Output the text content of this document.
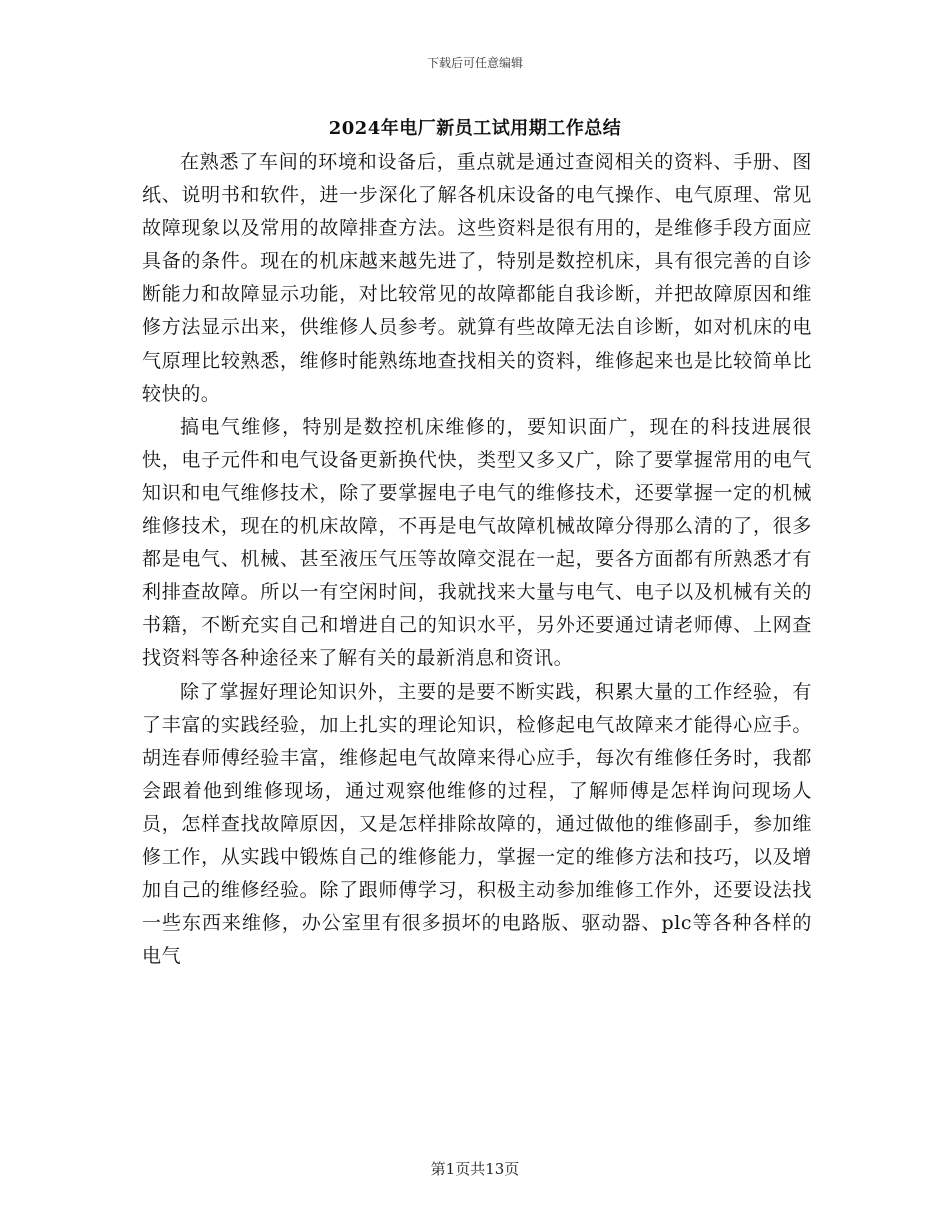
下载后可任意编辑
2024年电厂新员工试用期工作总结

在熟悉了车间的环境和设备后，重点就是通过查阅相关的资料、手册、图纸、说明书和软件，进一步深化了解各机床设备的电气操作、电气原理、常见故障现象以及常用的故障排查方法。这些资料是很有用的，是维修手段方面应具备的条件。现在的机床越来越先进了，特别是数控机床，具有很完善的自诊断能力和故障显示功能，对比较常见的故障都能自我诊断，并把故障原因和维修方法显示出来，供维修人员参考。就算有些故障无法自诊断，如对机床的电气原理比较熟悉，维修时能熟练地查找相关的资料，维修起来也是比较简单比较快的。

搞电气维修，特别是数控机床维修的，要知识面广，现在的科技进展很快，电子元件和电气设备更新换代快，类型又多又广，除了要掌握常用的电气知识和电气维修技术，除了要掌握电子电气的维修技术，还要掌握一定的机械维修技术，现在的机床故障，不再是电气故障机械故障分得那么清的了，很多都是电气、机械、甚至液压气压等故障交混在一起，要各方面都有所熟悉才有利排查故障。所以一有空闲时间，我就找来大量与电气、电子以及机械有关的书籍，不断充实自己和增进自己的知识水平，另外还要通过请老师傅、上网查找资料等各种途径来了解有关的最新消息和资讯。

除了掌握好理论知识外，主要的是要不断实践，积累大量的工作经验，有了丰富的实践经验，加上扎实的理论知识，检修起电气故障来才能得心应手。胡连春师傅经验丰富，维修起电气故障来得心应手，每次有维修任务时，我都会跟着他到维修现场，通过观察他维修的过程，了解师傅是怎样询问现场人员，怎样查找故障原因，又是怎样排除故障的，通过做他的维修副手，参加维修工作，从实践中锻炼自己的维修能力，掌握一定的维修方法和技巧，以及增加自己的维修经验。除了跟师傅学习，积极主动参加维修工作外，还要设法找一些东西来维修，办公室里有很多损坏的电路版、驱动器、plc等各种各样的电气

第1页共13页
